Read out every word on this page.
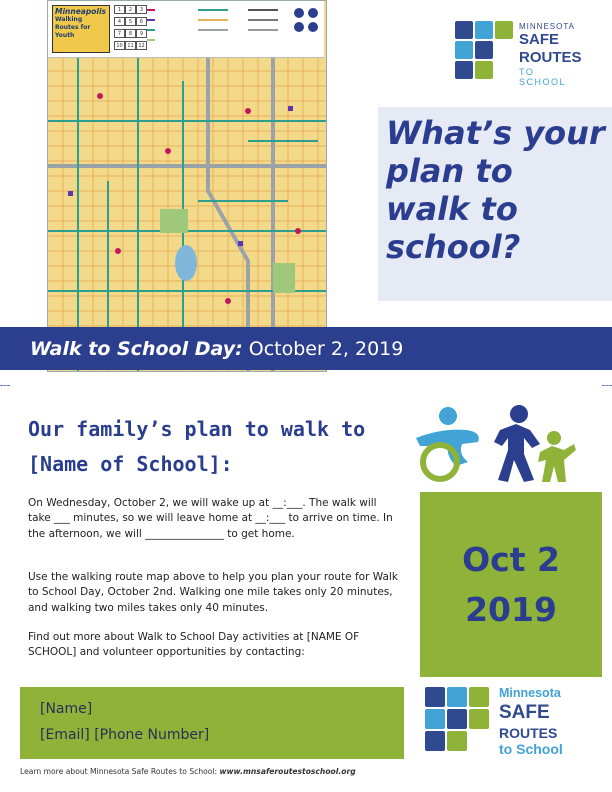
Minneapolis
Walking Routes for Youth
1	2	3
4	5	6
7	8	9
10 11 12
MINNESOTA
SAFE
ROUTES
TO SCHOOL
What’s your plan to walk to school?
Walk to School Day: October 2, 2019
Our family’s plan to walk to
[Name of School]:
On Wednesday, October 2, we will wake up at __:___. The walk will take ___ minutes, so we will leave home at __:___ to arrive on time. In the afternoon, we will _______________ to get home.
Use the walking route map above to help you plan your route for Walk to School Day, October 2nd. Walking one mile takes only 20 minutes, and walking two miles takes only 40 minutes.
Find out more about Walk to School Day activities at [NAME OF SCHOOL] and volunteer opportunities by contacting:
Oct 2
2019
[Name]
[Email] [Phone Number]
Learn more about Minnesota Safe Routes to School: www.mnsaferoutestoschool.org
Minnesota
SAFE
ROUTES
to School
